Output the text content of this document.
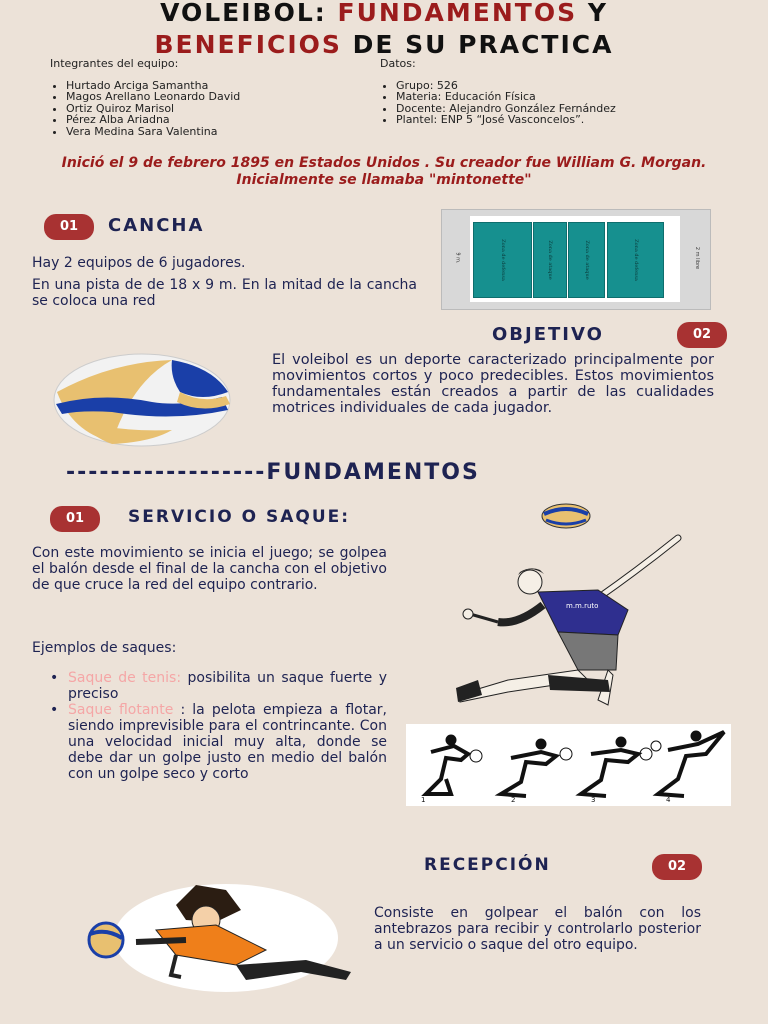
VOLEIBOL: FUNDAMENTOS Y
BENEFICIOS DE SU PRACTICA
Integrantes del equipo:
• Hurtado Arciga Samantha
• Magos Arellano Leonardo David
• Ortiz Quiroz Marisol
• Pérez Alba Ariadna
• Vera Medina Sara Valentina
Datos:
• Grupo: 526
• Materia: Educación Física
• Docente: Alejandro González Fernández
• Plantel: ENP 5 “José Vasconcelos”.
Inició el 9 de febrero 1895 en Estados Unidos . Su creador fue William G. Morgan. Inicialmente se llamaba "mintonette"
01	CANCHA
Hay 2 equipos de 6 jugadores.
En una pista de de 18 x 9 m. En la mitad de la cancha se coloca una red
Zona de defensa	Zona de ataque	Zona de ataque	Zona de defensa
9 m.	2 m libre
OBJETIVO	02
El voleibol es un deporte caracterizado principalmente por movimientos cortos y poco predecibles. Estos movimientos fundamentales están creados a partir de las cualidades motrices individuales de cada jugador.
------------------FUNDAMENTOS
01	SERVICIO O SAQUE:
Con este movimiento se inicia el juego; se golpea el balón desde el final de la cancha con el objetivo de que cruce la red del equipo contrario.
Ejemplos de saques:
• Saque de tenis: posibilita un saque fuerte y preciso
• Saque flotante : la pelota empieza a flotar, siendo imprevisible para el contrincante. Con una velocidad inicial muy alta, donde se debe dar un golpe justo en medio del balón con un golpe seco y corto
m.m.ruto
1	2	3	4
RECEPCIÓN	02
Consiste en golpear el balón con los antebrazos para recibir y controlarlo posterior a un servicio o saque del otro equipo.
